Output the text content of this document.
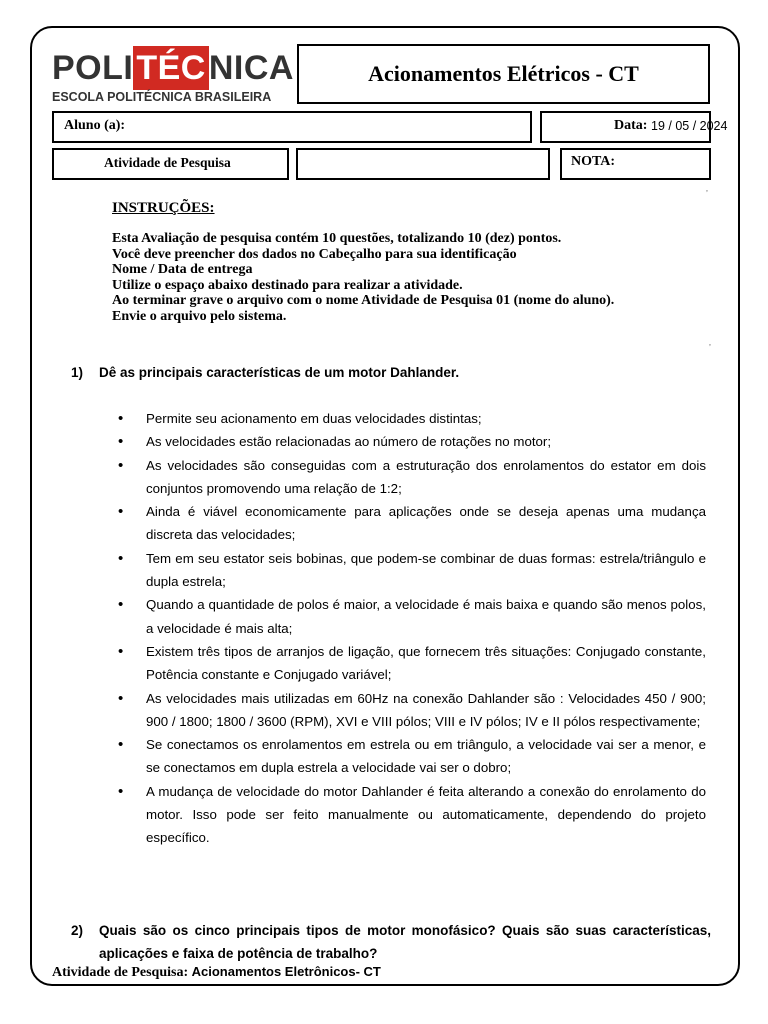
POLITÉCNICA
ESCOLA POLITÉCNICA BRASILEIRA
Acionamentos Elétricos - CT
Aluno (a):	Data: 19 / 05 / 2024
Atividade de Pesquisa	NOTA:
,
,
INSTRUÇÕES:
Esta Avaliação de pesquisa contém 10 questões, totalizando 10 (dez) pontos.
Você deve preencher dos dados no Cabeçalho para sua identificação
Nome / Data de entrega
Utilize o espaço abaixo destinado para realizar a atividade.
Ao terminar grave o arquivo com o nome Atividade de Pesquisa 01 (nome do aluno).
Envie o arquivo pelo sistema.
1) Dê as principais características de um motor Dahlander.
• Permite seu acionamento em duas velocidades distintas;
• As velocidades estão relacionadas ao número de rotações no motor;
• As velocidades são conseguidas com a estruturação dos enrolamentos do estator em dois conjuntos promovendo uma relação de 1:2;
• Ainda é viável economicamente para aplicações onde se deseja apenas uma mudança discreta das velocidades;
• Tem em seu estator seis bobinas, que podem-se combinar de duas formas: estrela/triângulo e dupla estrela;
• Quando a quantidade de polos é maior, a velocidade é mais baixa e quando são menos polos, a velocidade é mais alta;
• Existem três tipos de arranjos de ligação, que fornecem três situações: Conjugado constante, Potência constante e Conjugado variável;
• As velocidades mais utilizadas em 60Hz na conexão Dahlander são : Velocidades 450 / 900; 900 / 1800; 1800 / 3600 (RPM), XVI e VIII pólos; VIII e IV pólos; IV e II pólos respectivamente;
• Se conectamos os enrolamentos em estrela ou em triângulo, a velocidade vai ser a menor, e se conectamos em dupla estrela a velocidade vai ser o dobro;
• A mudança de velocidade do motor Dahlander é feita alterando a conexão do enrolamento do motor. Isso pode ser feito manualmente ou automaticamente, dependendo do projeto específico.
2) Quais são os cinco principais tipos de motor monofásico? Quais são suas características, aplicações e faixa de potência de trabalho?
Atividade de Pesquisa: Acionamentos Eletrônicos- CT
